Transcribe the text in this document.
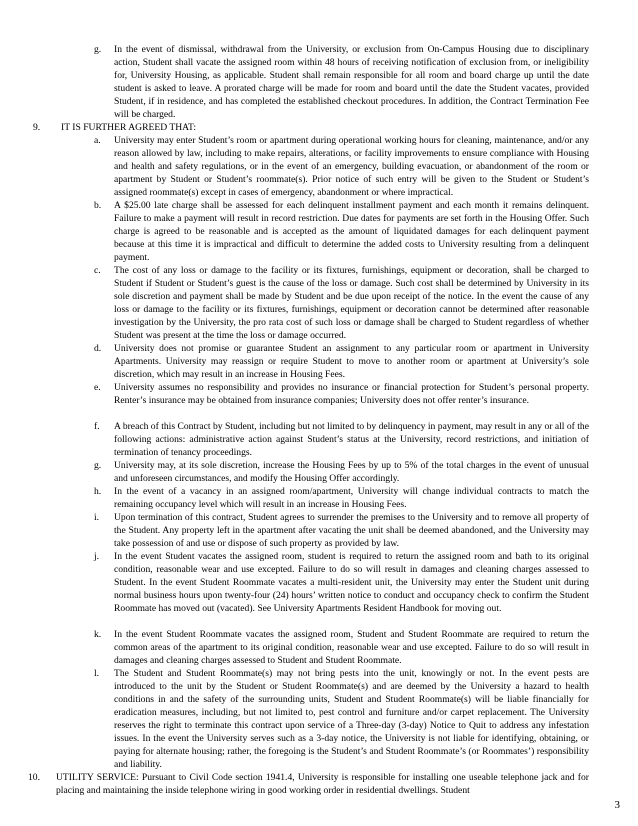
g. In the event of dismissal, withdrawal from the University, or exclusion from On-Campus Housing due to disciplinary action, Student shall vacate the assigned room within 48 hours of receiving notification of exclusion from, or ineligibility for, University Housing, as applicable. Student shall remain responsible for all room and board charge up until the date student is asked to leave. A prorated charge will be made for room and board until the date the Student vacates, provided Student, if in residence, and has completed the established checkout procedures. In addition, the Contract Termination Fee will be charged.
9. IT IS FURTHER AGREED THAT:
a. University may enter Student’s room or apartment during operational working hours for cleaning, maintenance, and/or any reason allowed by law, including to make repairs, alterations, or facility improvements to ensure compliance with Housing and health and safety regulations, or in the event of an emergency, building evacuation, or abandonment of the room or apartment by Student or Student’s roommate(s). Prior notice of such entry will be given to the Student or Student’s assigned roommate(s) except in cases of emergency, abandonment or where impractical.
b. A $25.00 late charge shall be assessed for each delinquent installment payment and each month it remains delinquent. Failure to make a payment will result in record restriction. Due dates for payments are set forth in the Housing Offer. Such charge is agreed to be reasonable and is accepted as the amount of liquidated damages for each delinquent payment because at this time it is impractical and difficult to determine the added costs to University resulting from a delinquent payment.
c. The cost of any loss or damage to the facility or its fixtures, furnishings, equipment or decoration, shall be charged to Student if Student or Student’s guest is the cause of the loss or damage. Such cost shall be determined by University in its sole discretion and payment shall be made by Student and be due upon receipt of the notice. In the event the cause of any loss or damage to the facility or its fixtures, furnishings, equipment or decoration cannot be determined after reasonable investigation by the University, the pro rata cost of such loss or damage shall be charged to Student regardless of whether Student was present at the time the loss or damage occurred.
d. University does not promise or guarantee Student an assignment to any particular room or apartment in University Apartments. University may reassign or require Student to move to another room or apartment at University’s sole discretion, which may result in an increase in Housing Fees.
e. University assumes no responsibility and provides no insurance or financial protection for Student’s personal property. Renter’s insurance may be obtained from insurance companies; University does not offer renter’s insurance.
f. A breach of this Contract by Student, including but not limited to by delinquency in payment, may result in any or all of the following actions: administrative action against Student’s status at the University, record restrictions, and initiation of termination of tenancy proceedings.
g. University may, at its sole discretion, increase the Housing Fees by up to 5% of the total charges in the event of unusual and unforeseen circumstances, and modify the Housing Offer accordingly.
h. In the event of a vacancy in an assigned room/apartment, University will change individual contracts to match the remaining occupancy level which will result in an increase in Housing Fees.
i. Upon termination of this contract, Student agrees to surrender the premises to the University and to remove all property of the Student. Any property left in the apartment after vacating the unit shall be deemed abandoned, and the University may take possession of and use or dispose of such property as provided by law.
j. In the event Student vacates the assigned room, student is required to return the assigned room and bath to its original condition, reasonable wear and use excepted. Failure to do so will result in damages and cleaning charges assessed to Student. In the event Student Roommate vacates a multi-resident unit, the University may enter the Student unit during normal business hours upon twenty-four (24) hours’ written notice to conduct and occupancy check to confirm the Student Roommate has moved out (vacated). See University Apartments Resident Handbook for moving out.
k. In the event Student Roommate vacates the assigned room, Student and Student Roommate are required to return the common areas of the apartment to its original condition, reasonable wear and use excepted. Failure to do so will result in damages and cleaning charges assessed to Student and Student Roommate.
l. The Student and Student Roommate(s) may not bring pests into the unit, knowingly or not. In the event pests are introduced to the unit by the Student or Student Roommate(s) and are deemed by the University a hazard to health conditions in and the safety of the surrounding units, Student and Student Roommate(s) will be liable financially for eradication measures, including, but not limited to, pest control and furniture and/or carpet replacement. The University reserves the right to terminate this contract upon service of a Three-day (3-day) Notice to Quit to address any infestation issues. In the event the University serves such as a 3-day notice, the University is not liable for identifying, obtaining, or paying for alternate housing; rather, the foregoing is the Student’s and Student Roommate’s (or Roommates’) responsibility and liability.
10. UTILITY SERVICE: Pursuant to Civil Code section 1941.4, University is responsible for installing one useable telephone jack and for placing and maintaining the inside telephone wiring in good working order in residential dwellings. Student
3
